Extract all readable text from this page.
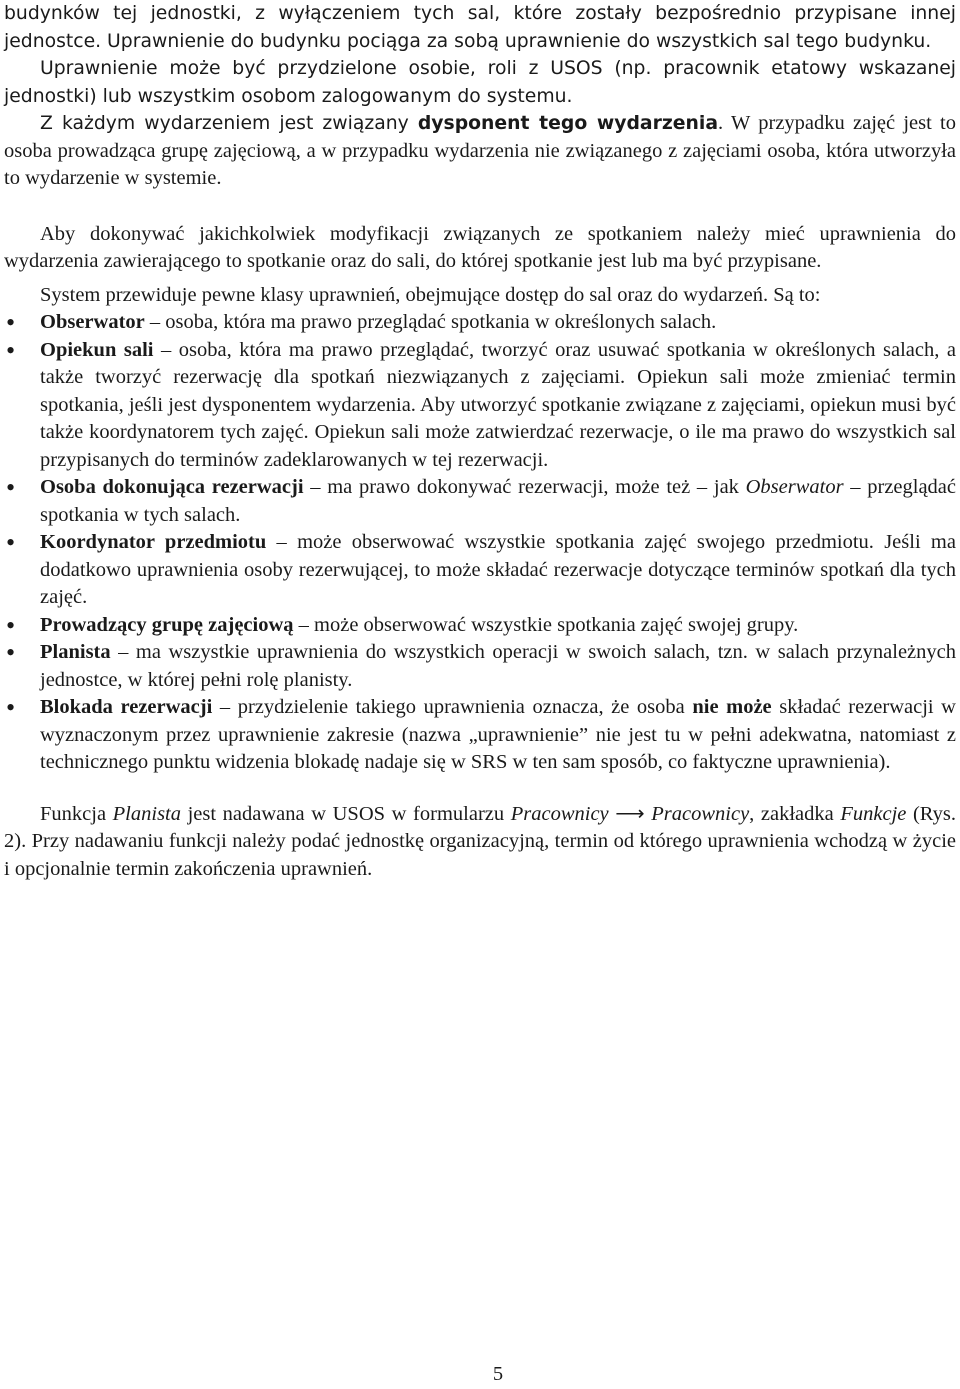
budynków tej jednostki, z wyłączeniem tych sal, które zostały bezpośrednio przypisane innej jednostce. Uprawnienie do budynku pociąga za sobą uprawnienie do wszystkich sal tego budynku.

Uprawnienie może być przydzielone osobie, roli z USOS (np. pracownik etatowy wskazanej jednostki) lub wszystkim osobom zalogowanym do systemu.

Z każdym wydarzeniem jest związany dysponent tego wydarzenia. W przypadku zajęć jest to osoba prowadząca grupę zajęciową, a w przypadku wydarzenia nie związanego z zajęciami osoba, która utworzyła to wydarzenie w systemie.

Aby dokonywać jakichkolwiek modyfikacji związanych ze spotkaniem należy mieć uprawnienia do wydarzenia zawierającego to spotkanie oraz do sali, do której spotkanie jest lub ma być przypisane.

System przewiduje pewne klasy uprawnień, obejmujące dostęp do sal oraz do wydarzeń. Są to:

• Obserwator – osoba, która ma prawo przeglądać spotkania w określonych salach.
• Opiekun sali – osoba, która ma prawo przeglądać, tworzyć oraz usuwać spotkania w określonych salach, a także tworzyć rezerwację dla spotkań niezwiązanych z zajęciami. Opiekun sali może zmieniać termin spotkania, jeśli jest dysponentem wydarzenia. Aby utworzyć spotkanie związane z zajęciami, opiekun musi być także koordynatorem tych zajęć. Opiekun sali może zatwierdzać rezerwacje, o ile ma prawo do wszystkich sal przypisanych do terminów zadeklarowanych w tej rezerwacji.
• Osoba dokonująca rezerwacji – ma prawo dokonywać rezerwacji, może też – jak Obserwator – przeglądać spotkania w tych salach.
• Koordynator przedmiotu – może obserwować wszystkie spotkania zajęć swojego przedmiotu. Jeśli ma dodatkowo uprawnienia osoby rezerwującej, to może składać rezerwacje dotyczące terminów spotkań dla tych zajęć.
• Prowadzący grupę zajęciową – może obserwować wszystkie spotkania zajęć swojej grupy.
• Planista – ma wszystkie uprawnienia do wszystkich operacji w swoich salach, tzn. w salach przynależnych jednostce, w której pełni rolę planisty.
• Blokada rezerwacji – przydzielenie takiego uprawnienia oznacza, że osoba nie może składać rezerwacji w wyznaczonym przez uprawnienie zakresie (nazwa „uprawnienie” nie jest tu w pełni adekwatna, natomiast z technicznego punktu widzenia blokadę nadaje się w SRS w ten sam sposób, co faktyczne uprawnienia).

Funkcja Planista jest nadawana w USOS w formularzu Pracownicy ⟶ Pracownicy, zakładka Funkcje (Rys. 2). Przy nadawaniu funkcji należy podać jednostkę organizacyjną, termin od którego uprawnienia wchodzą w życie i opcjonalnie termin zakończenia uprawnień.

5
